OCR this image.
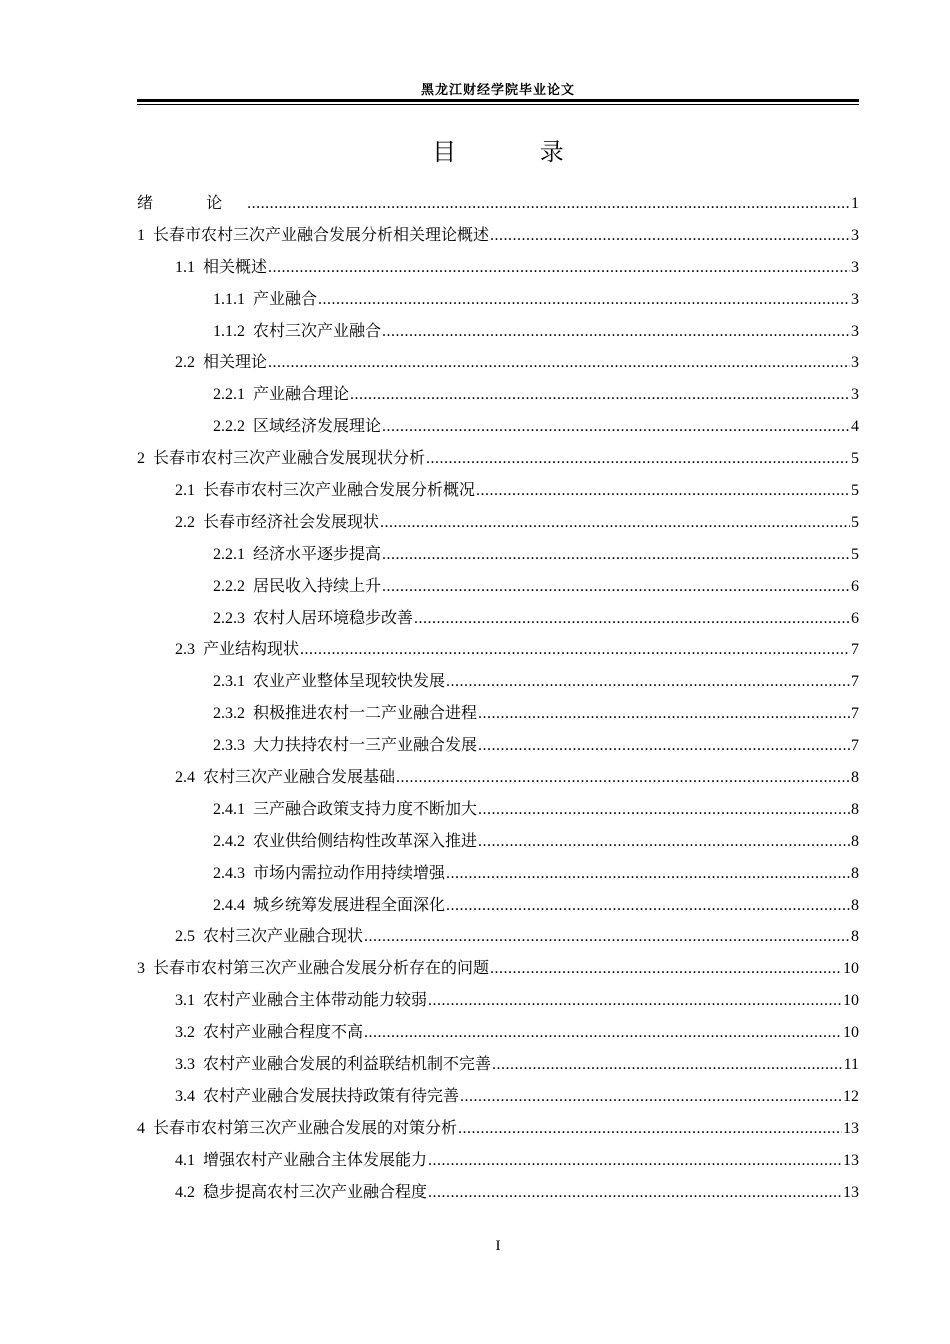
黑龙江财经学院毕业论文
目 录
绪 论 .....	1
1 长春市农村三次产业融合发展分析相关理论概述 .....	3
1.1 相关概述 .....	3
1.1.1 产业融合 .....	3
1.1.2 农村三次产业融合 .....	3
2.2 相关理论 .....	3
2.2.1 产业融合理论 .....	3
2.2.2 区域经济发展理论 .....	4
2 长春市农村三次产业融合发展现状分析 .....	5
2.1 长春市农村三次产业融合发展分析概况 .....	5
2.2 长春市经济社会发展现状 .....	5
2.2.1 经济水平逐步提高 .....	5
2.2.2 居民收入持续上升 .....	6
2.2.3 农村人居环境稳步改善 .....	6
2.3 产业结构现状 .....	7
2.3.1 农业产业整体呈现较快发展 .....	7
2.3.2 积极推进农村一二产业融合进程 .....	7
2.3.3 大力扶持农村一三产业融合发展 .....	7
2.4 农村三次产业融合发展基础 .....	8
2.4.1 三产融合政策支持力度不断加大 .....	8
2.4.2 农业供给侧结构性改革深入推进 .....	8
2.4.3 市场内需拉动作用持续增强 .....	8
2.4.4 城乡统筹发展进程全面深化 .....	8
2.5 农村三次产业融合现状 .....	8
3 长春市农村第三次产业融合发展分析存在的问题 .....	10
3.1 农村产业融合主体带动能力较弱 .....	10
3.2 农村产业融合程度不高 .....	10
3.3 农村产业融合发展的利益联结机制不完善 .....	11
3.4 农村产业融合发展扶持政策有待完善 .....	12
4 长春市农村第三次产业融合发展的对策分析 .....	13
4.1 增强农村产业融合主体发展能力 .....	13
4.2 稳步提高农村三次产业融合程度 .....	13
I
